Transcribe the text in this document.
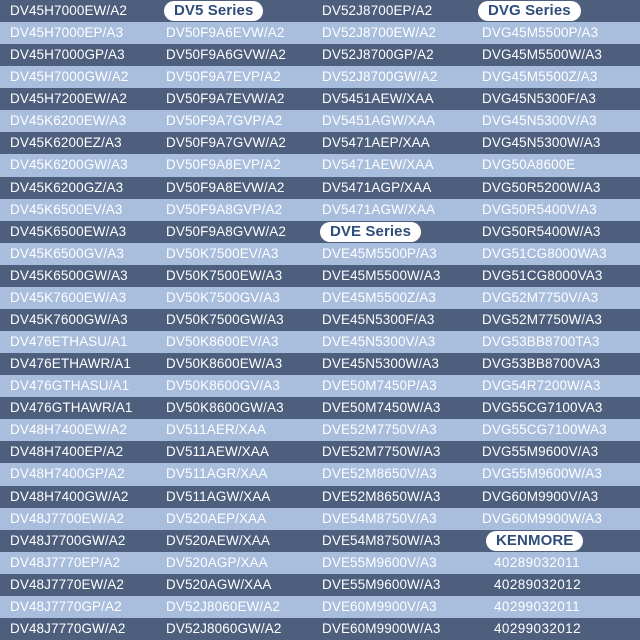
DV45H7000EW/A2	DV5 Series	DV52J8700EP/A2	DVG Series
DV45H7000EP/A3	DV50F9A6EVW/A2	DV52J8700EW/A2	DVG45M5500P/A3
DV45H7000GP/A3	DV50F9A6GVW/A2	DV52J8700GP/A2	DVG45M5500W/A3
DV45H7000GW/A2	DV50F9A7EVP/A2	DV52J8700GW/A2	DVG45M5500Z/A3
DV45H7200EW/A2	DV50F9A7EVW/A2	DV5451AEW/XAA	DVG45N5300F/A3
DV45K6200EW/A3	DV50F9A7GVP/A2	DV5451AGW/XAA	DVG45N5300V/A3
DV45K6200EZ/A3	DV50F9A7GVW/A2	DV5471AEP/XAA	DVG45N5300W/A3
DV45K6200GW/A3	DV50F9A8EVP/A2	DV5471AEW/XAA	DVG50A8600E
DV45K6200GZ/A3	DV50F9A8EVW/A2	DV5471AGP/XAA	DVG50R5200W/A3
DV45K6500EV/A3	DV50F9A8GVP/A2	DV5471AGW/XAA	DVG50R5400V/A3
DV45K6500EW/A3	DV50F9A8GVW/A2	DVE Series	DVG50R5400W/A3
DV45K6500GV/A3	DV50K7500EV/A3	DVE45M5500P/A3	DVG51CG8000WA3
DV45K6500GW/A3	DV50K7500EW/A3	DVE45M5500W/A3	DVG51CG8000VA3
DV45K7600EW/A3	DV50K7500GV/A3	DVE45M5500Z/A3	DVG52M7750V/A3
DV45K7600GW/A3	DV50K7500GW/A3	DVE45N5300F/A3	DVG52M7750W/A3
DV476ETHASU/A1	DV50K8600EV/A3	DVE45N5300V/A3	DVG53BB8700TA3
DV476ETHAWR/A1	DV50K8600EW/A3	DVE45N5300W/A3	DVG53BB8700VA3
DV476GTHASU/A1	DV50K8600GV/A3	DVE50M7450P/A3	DVG54R7200W/A3
DV476GTHAWR/A1	DV50K8600GW/A3	DVE50M7450W/A3	DVG55CG7100VA3
DV48H7400EW/A2	DV511AER/XAA	DVE52M7750V/A3	DVG55CG7100WA3
DV48H7400EP/A2	DV511AEW/XAA	DVE52M7750W/A3	DVG55M9600V/A3
DV48H7400GP/A2	DV511AGR/XAA	DVE52M8650V/A3	DVG55M9600W/A3
DV48H7400GW/A2	DV511AGW/XAA	DVE52M8650W/A3	DVG60M9900V/A3
DV48J7700EW/A2	DV520AEP/XAA	DVE54M8750V/A3	DVG60M9900W/A3
DV48J7700GW/A2	DV520AEW/XAA	DVE54M8750W/A3	KENMORE
DV48J7770EP/A2	DV520AGP/XAA	DVE55M9600V/A3	40289032011
DV48J7770EW/A2	DV520AGW/XAA	DVE55M9600W/A3	40289032012
DV48J7770GP/A2	DV52J8060EW/A2	DVE60M9900V/A3	40299032011
DV48J7770GW/A2	DV52J8060GW/A2	DVE60M9900W/A3	40299032012
